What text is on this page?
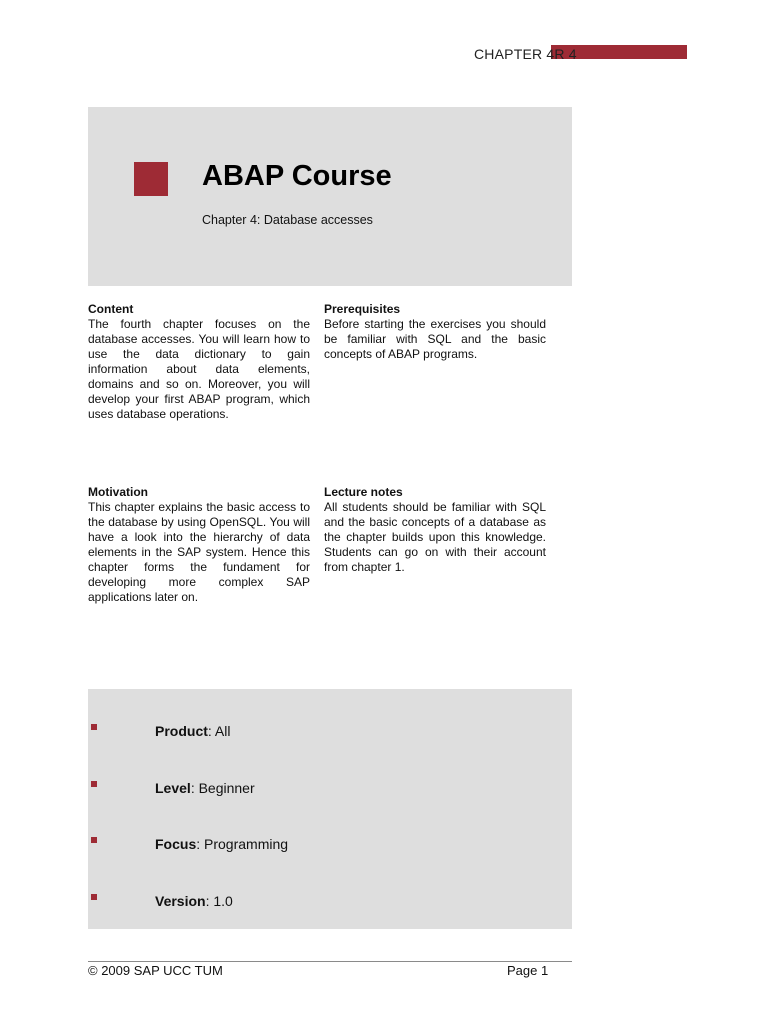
CHAPTER 4R 4
ABAP Course
Chapter 4: Database accesses
Content
The fourth chapter focuses on the database accesses. You will learn how to use the data dictionary to gain information about data elements, domains and so on. Moreover, you will develop your first ABAP program, which uses database operations.
Prerequisites
Before starting the exercises you should be familiar with SQL and the basic concepts of ABAP programs.
Motivation
This chapter explains the basic access to the database by using OpenSQL. You will have a look into the hierarchy of data elements in the SAP system. Hence this chapter forms the fundament for developing more complex SAP applications later on.
Lecture notes
All students should be familiar with SQL and the basic concepts of a database as the chapter builds upon this knowledge. Students can go on with their account from chapter 1.
Product: All
Level: Beginner
Focus: Programming
Version: 1.0
© 2009 SAP UCC TUM	Page 1
